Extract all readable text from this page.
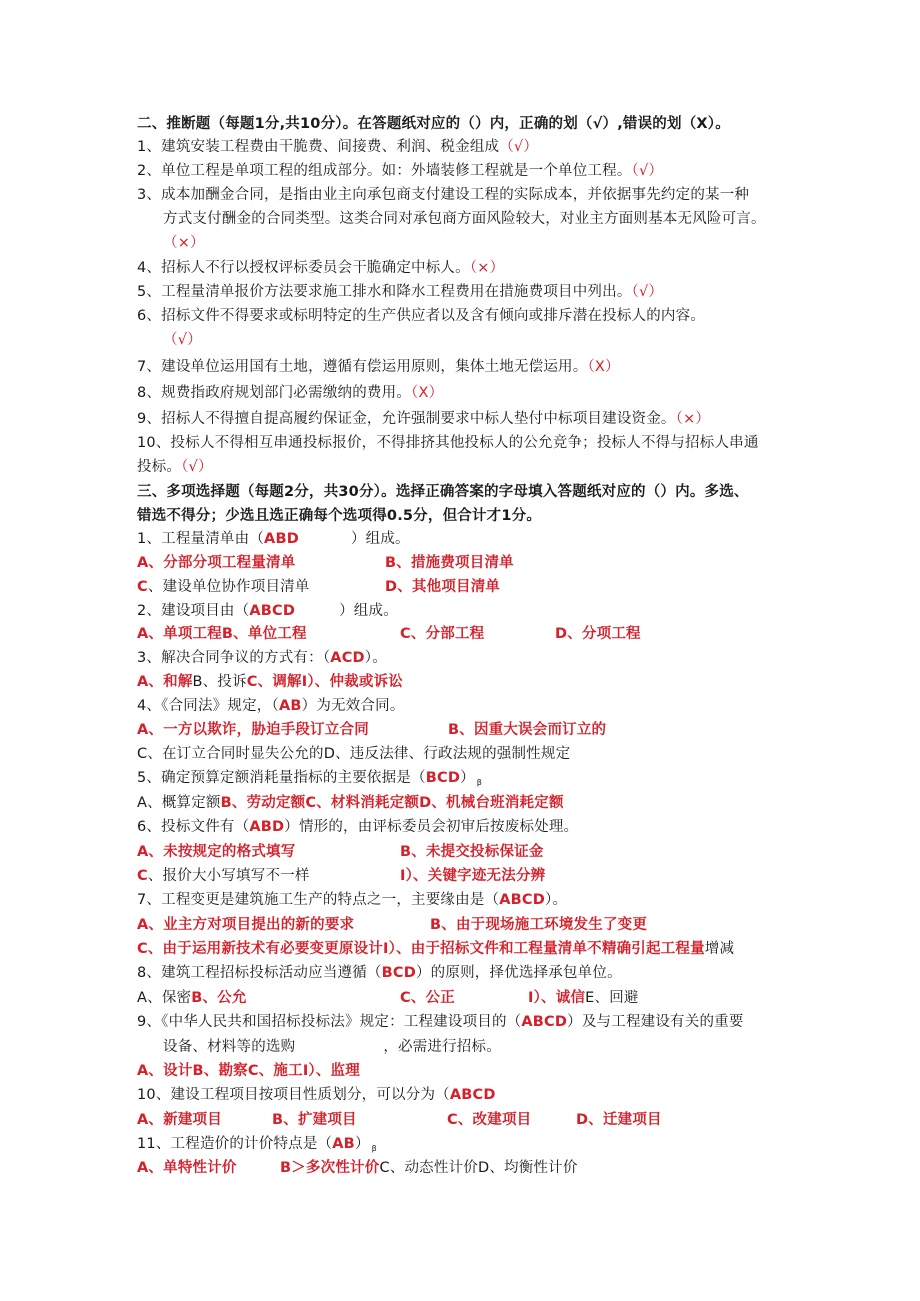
二、推断题（每题1分,共10分）。在答题纸对应的（）内，正确的划（√）,错误的划（X）。
1、建筑安装工程费由干脆费、间接费、利润、税金组成（√）
2、单位工程是单项工程的组成部分。如：外墙装修工程就是一个单位工程。（√）
3、成本加酬金合同，是指由业主向承包商支付建设工程的实际成本，并依据事先约定的某一种
方式支付酬金的合同类型。这类合同对承包商方面风险较大，对业主方面则基本无风险可言。
（×）
4、招标人不行以授权评标委员会干脆确定中标人。（×）
5、工程量清单报价方法要求施工排水和降水工程费用在措施费项目中列出。（√）
6、招标文件不得要求或标明特定的生产供应者以及含有倾向或排斥潜在投标人的内容。
（√）
7、建设单位运用国有土地，遵循有偿运用原则，集体土地无偿运用。（X）
8、规费指政府规划部门必需缴纳的费用。（X）
9、招标人不得擅自提高履约保证金，允许强制要求中标人垫付中标项目建设资金。（×）
10、投标人不得相互串通投标报价，不得排挤其他投标人的公允竞争；投标人不得与招标人串通
投标。（√）
三、多项选择题（每题2分，共30分）。选择正确答案的字母填入答题纸对应的（）内。多选、
错选不得分；少选且选正确每个选项得0.5分，但合计才1分。
1、工程量清单由（ABD	）组成。
A、分部分项工程量清单	B、措施费项目清单
C、建设单位协作项目清单	D、其他项目清单
2、建设项目由（ABCD	）组成。
A、单项工程B、单位工程	C、分部工程	D、分项工程
3、解决合同争议的方式有：（ACD）。
A、和解B、投诉C、调解I）、仲裁或诉讼
4、《合同法》规定，（AB）为无效合同。
A、一方以欺诈，胁迫手段订立合同	B、因重大误会而订立的
C、在订立合同时显失公允的D、违反法律、行政法规的强制性规定
5、确定预算定额消耗量指标的主要依据是（BCD） $_\beta$
A、概算定额B、劳动定额C、材料消耗定额D、机械台班消耗定额
6、投标文件有（ABD）情形的，由评标委员会初审后按废标处理。
A、未按规定的格式填写	B、未提交投标保证金
C、报价大小写填写不一样	I）、关键字迹无法分辨
7、工程变更是建筑施工生产的特点之一，主要缘由是（ABCD）。
A、业主方对项目提出的新的要求	B、由于现场施工环境发生了变更
C、由于运用新技术有必要变更原设计I）、由于招标文件和工程量清单不精确引起工程量增减
8、建筑工程招标投标活动应当遵循（BCD）的原则，择优选择承包单位。
A、保密B、公允	C、公正	I）、诚信E、回避
9、《中华人民共和国招标投标法》规定：工程建设项目的（ABCD）及与工程建设有关的重要
设备、材料等的选购	，必需进行招标。
A、设计B、勘察C、施工I）、监理
10、建设工程项目按项目性质划分，可以分为（ABCD
A、新建项目	B、扩建项目	C、改建项目	D、迁建项目
11、工程造价的计价特点是（AB） $_\beta$
A、单特性计价	B＞多次性计价C、动态性计价D、均衡性计价
